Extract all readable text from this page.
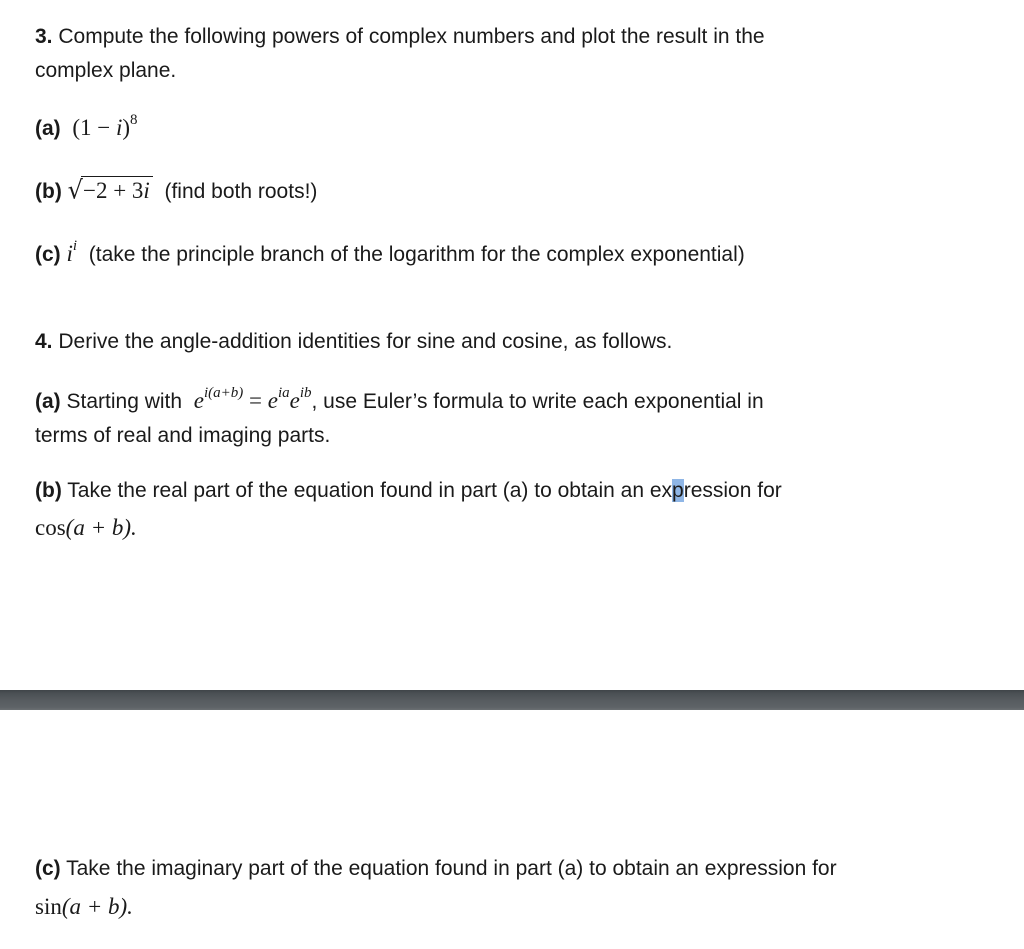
3. Compute the following powers of complex numbers and plot the result in the
complex plane.
(a) $(1 - i)^8$
(b) √−2 + 3i (find both roots!)
(c) $i^i$ (take the principle branch of the logarithm for the complex exponential)
4. Derive the angle-addition identities for sine and cosine, as follows.
(a) Starting with  $e^{i(a+b)} = e^{ia}e^{ib}$, use Euler’s formula to write each exponential in
terms of real and imaging parts.
(b) Take the real part of the equation found in part (a) to obtain an expression for
cos(a + b).
(c) Take the imaginary part of the equation found in part (a) to obtain an expression for
sin(a + b).
